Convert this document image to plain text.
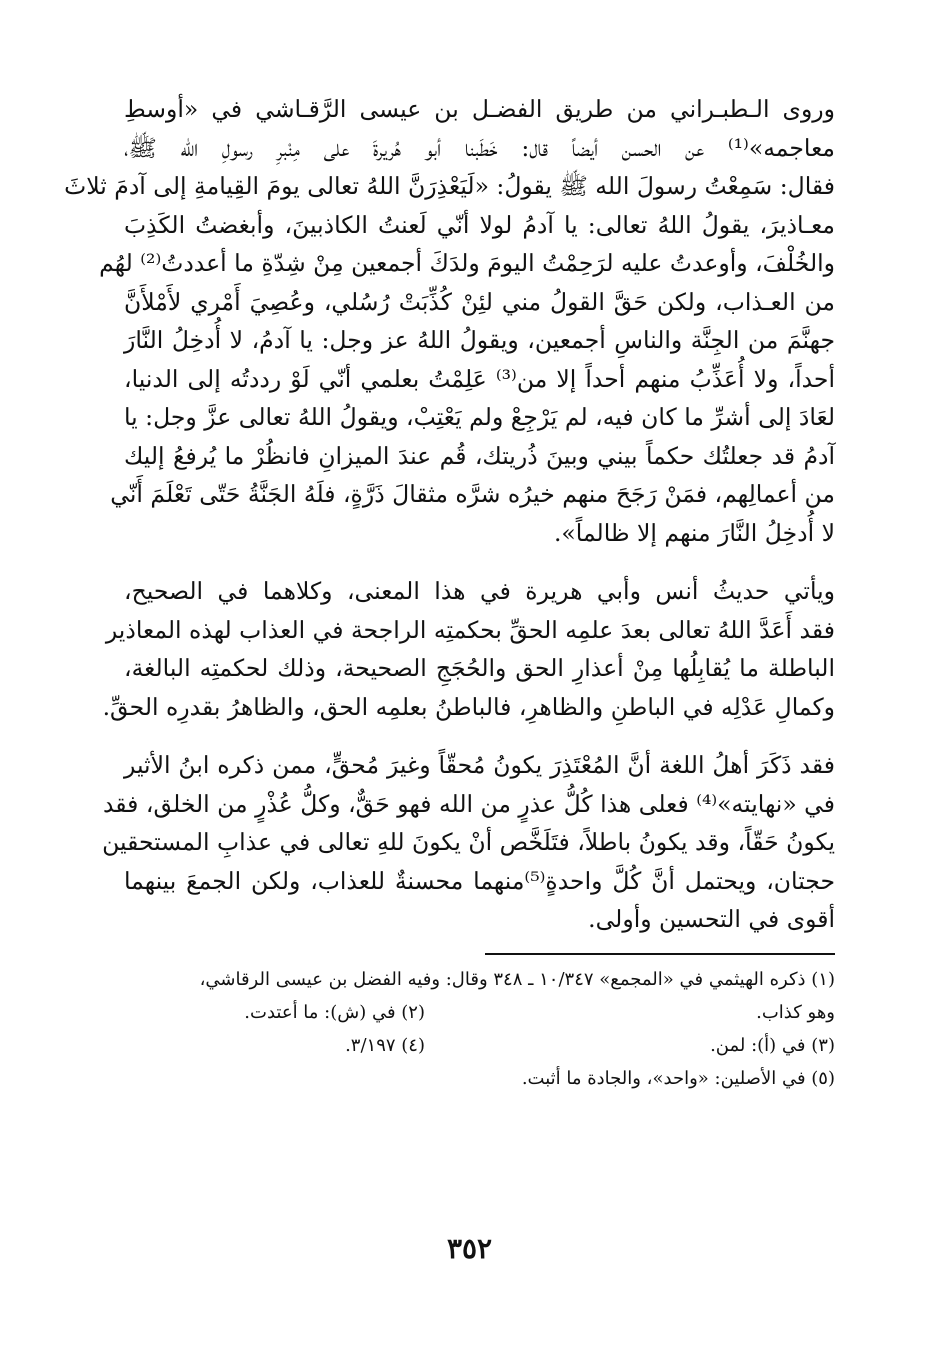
وروى الـطبـراني من طريق الفضـل بن عيسى الرَّقـاشي في «أوسطِ
معاجمه»⁽¹⁾ عن الحسن أيضاً قال: خَطَبنا أبو هُريرةَ على مِنْبرِ رسولِ الله ﷺ،
فقال: سَمِعْتُ رسولَ الله ﷺ يقولُ: «لَيَعْذِرَنَّ اللهُ تعالى يومَ القِيامةِ إلى آدمَ ثلاثَ
معـاذيرَ، يقولُ اللهُ تعالى: يا آدمُ لولا أنّي لَعنتُ الكاذبينَ، وأبغضتُ الكَذِبَ
والخُلْفَ، وأوعدتُ عليه لرَحِمْتُ اليومَ ولدَكَ أجمعين مِنْ شِدّةِ ما أعددتُ⁽²⁾ لهُم
من العـذاب، ولكن حَقَّ القولُ مني لئِنْ كُذِّبَتْ رُسُلي، وعُصِيَ أَمْري لأَمْلأَنَّ
جهنَّمَ من الجِنَّة والناسِ أجمعين، ويقولُ اللهُ عز وجل: يا آدمُ، لا أُدخِلُ النَّارَ
أحداً، ولا أُعَذِّبُ منهم أحداً إلا من⁽³⁾ عَلِمْتُ بعلمي أنّي لَوْ رددتُه إلى الدنيا،
لعَادَ إلى أشرِّ ما كان فيه، لم يَرْجِعْ ولم يَعْتِبْ، ويقولُ اللهُ تعالى عزَّ وجل: يا
آدمُ قد جعلتُك حكماً بيني وبينَ ذُريتك، قُم عندَ الميزانِ فانظُرْ ما يُرفعُ إليك
من أعمالِهم، فمَنْ رَجَحَ منهم خيرُه شرَّه مثقالَ ذَرَّةٍ، فلَهُ الجَنَّةُ حَتّى تَعْلَمَ أَنّي
لا أُدخِلُ النَّارَ منهم إلا ظالماً».
ويأتي حديثُ أنس وأبي هريرة في هذا المعنى، وكلاهما في الصحيح،
فقد أَعَدَّ اللهُ تعالى بعدَ علمِه الحقِّ بحكمتِه الراجحة في العذاب لهذه المعاذير
الباطلة ما يُقابِلُها مِنْ أعذارِ الحق والحُجَجِ الصحيحة، وذلك لحكمتِه البالغة،
وكمالِ عَدْلِه في الباطنِ والظاهرِ، فالباطنُ بعلمِه الحق، والظاهرُ بقدرِه الحقِّ.
فقد ذَكَرَ أهلُ اللغة أنَّ المُعْتَذِرَ يكونُ مُحقّاً وغيرَ مُحقٍّ، ممن ذكره ابنُ الأثير
في «نهايته»⁽⁴⁾ فعلى هذا كُلُّ عذرٍ من الله فهو حَقٌّ، وكلُّ عُذْرٍ من الخلق، فقد
يكونُ حَقّاً، وقد يكونُ باطلاً، فتَلَخَّص أنْ يكونَ للهِ تعالى في عذابِ المستحقين
حجتان، ويحتمل أنَّ كُلَّ واحدةٍ⁽⁵⁾منهما محسنةٌ للعذاب، ولكن الجمعَ بينهما
أقوى في التحسين وأولى.
(١) ذكره الهيثمي في «المجمع» ١٠/٣٤٧ ـ ٣٤٨ وقال: وفيه الفضل بن عيسى الرقاشي،
وهو كذاب.
(٢) في (ش): ما أعتدت.
(٣) في (أ): لمن.
(٤) ٣/١٩٧.
(٥) في الأصلين: «واحد»، والجادة ما أثبت.
٣٥٢
